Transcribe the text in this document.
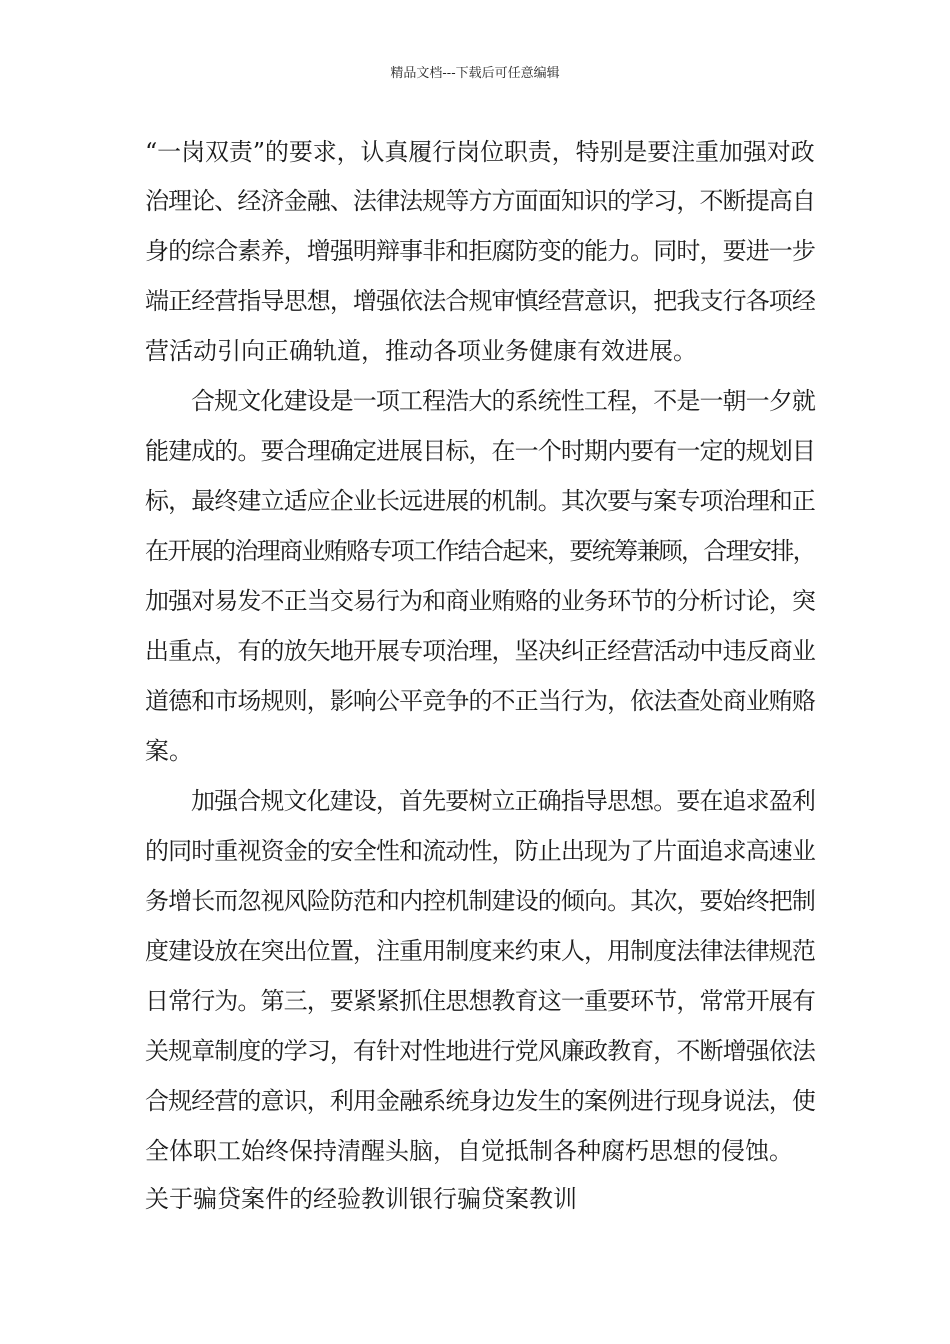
精品文档---下载后可任意编辑
“一岗双责”的要求，认真履行岗位职责，特别是要注重加强对政
治理论、经济金融、法律法规等方方面面知识的学习，不断提高自
身的综合素养，增强明辩事非和拒腐防变的能力。同时，要进一步
端正经营指导思想，增强依法合规审慎经营意识，把我支行各项经
营活动引向正确轨道，推动各项业务健康有效进展。
合规文化建设是一项工程浩大的系统性工程，不是一朝一夕就
能建成的。要合理确定进展目标，在一个时期内要有一定的规划目
标，最终建立适应企业长远进展的机制。其次要与案专项治理和正
在开展的治理商业贿赂专项工作结合起来，要统筹兼顾，合理安排，
加强对易发不正当交易行为和商业贿赂的业务环节的分析讨论，突
出重点，有的放矢地开展专项治理，坚决纠正经营活动中违反商业
道德和市场规则，影响公平竞争的不正当行为，依法查处商业贿赂
案。
加强合规文化建设，首先要树立正确指导思想。要在追求盈利
的同时重视资金的安全性和流动性，防止出现为了片面追求高速业
务增长而忽视风险防范和内控机制建设的倾向。其次，要始终把制
度建设放在突出位置，注重用制度来约束人，用制度法律法律规范
日常行为。第三，要紧紧抓住思想教育这一重要环节，常常开展有
关规章制度的学习，有针对性地进行党风廉政教育，不断增强依法
合规经营的意识，利用金融系统身边发生的案例进行现身说法，使
全体职工始终保持清醒头脑，自觉抵制各种腐朽思想的侵蚀。
关于骗贷案件的经验教训银行骗贷案教训
